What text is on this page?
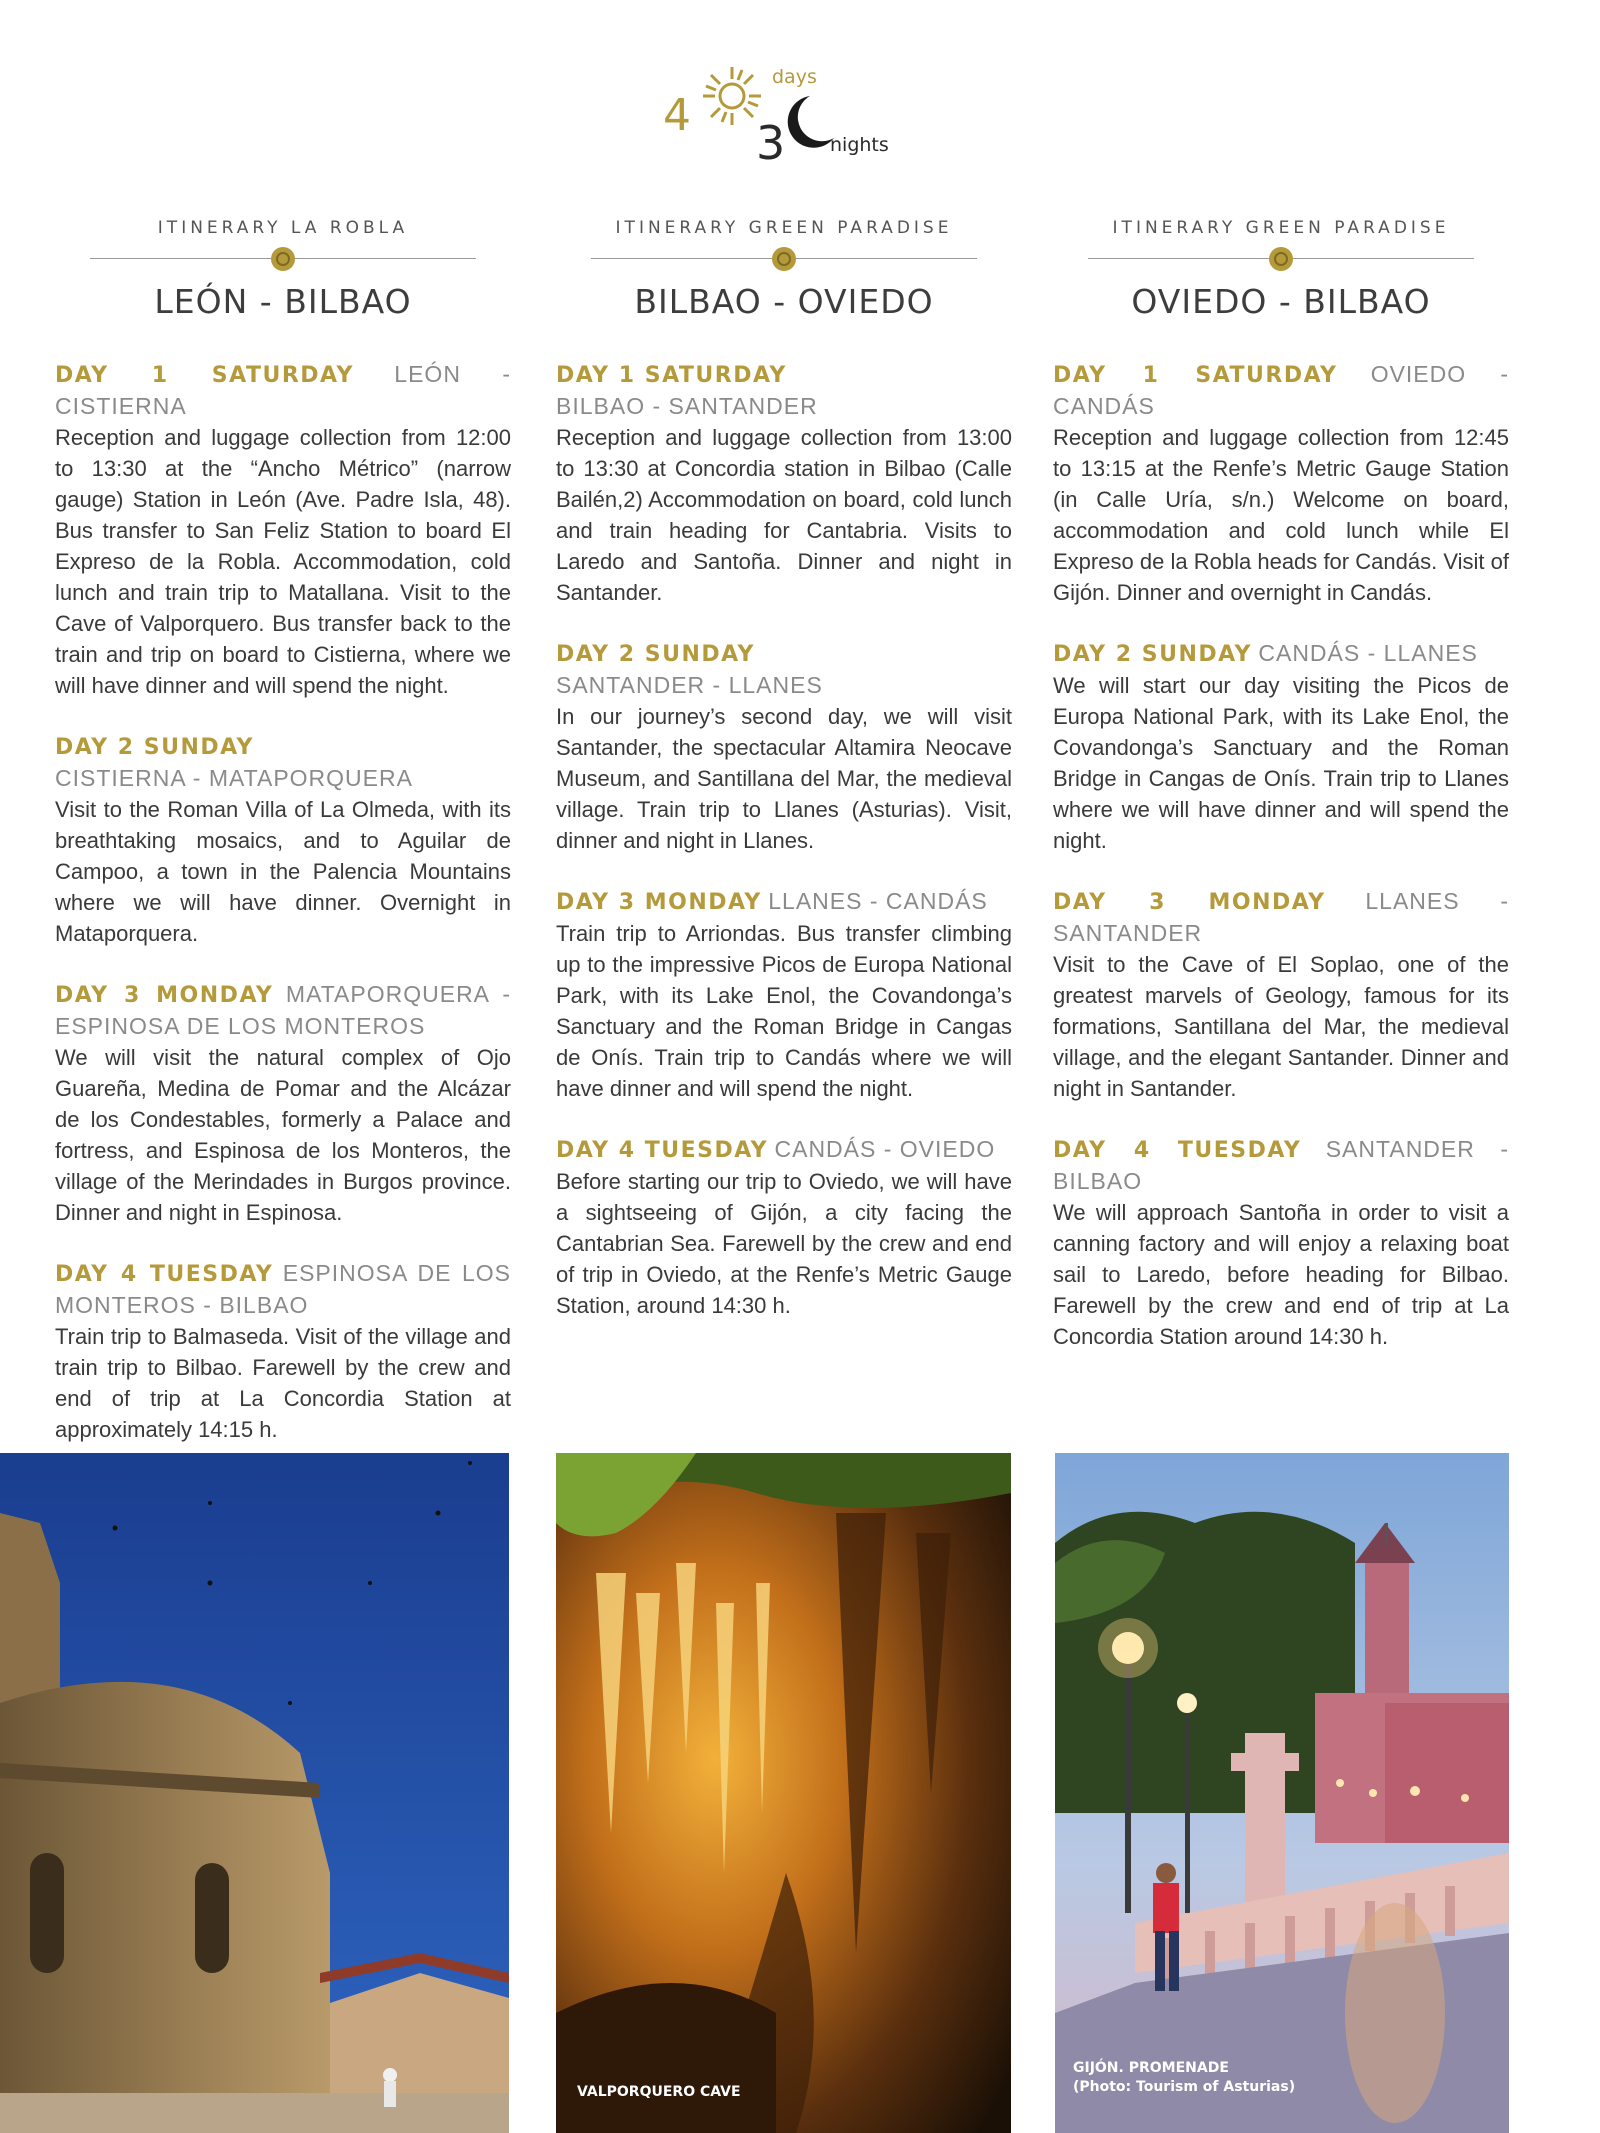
4
days
3 nights
ITINERARY LA ROBLA
LEÓN - BILBAO
DAY 1 SATURDAY LEÓN - CISTIERNA
Reception and luggage collection from 12:00 to 13:30 at the “Ancho Métrico” (narrow gauge) Station in León (Ave. Padre Isla, 48). Bus transfer to San Feliz Station to board El Expreso de la Robla. Accommodation, cold lunch and train trip to Matallana. Visit to the Cave of Valporquero. Bus transfer back to the train and trip on board to Cistierna, where we will have dinner and will spend the night.
DAY 2 SUNDAY
CISTIERNA - MATAPORQUERA
Visit to the Roman Villa of La Olmeda, with its breathtaking mosaics, and to Aguilar de Campoo, a town in the Palencia Mountains where we will have dinner. Overnight in Mataporquera.
DAY 3 MONDAY MATAPORQUERA - ESPINOSA DE LOS MONTEROS
We will visit the natural complex of Ojo Guareña, Medina de Pomar and the Alcázar de los Condestables, formerly a Palace and fortress, and Espinosa de los Monteros, the village of the Merindades in Burgos province. Dinner and night in Espinosa.
DAY 4 TUESDAY ESPINOSA DE LOS MONTEROS - BILBAO
Train trip to Balmaseda. Visit of the village and train trip to Bilbao. Farewell by the crew and end of trip at La Concordia Station at approximately 14:15 h.
ITINERARY GREEN PARADISE
BILBAO - OVIEDO
DAY 1 SATURDAY
BILBAO - SANTANDER
Reception and luggage collection from 13:00 to 13:30 at Concordia station in Bilbao (Calle Bailén,2) Accommodation on board, cold lunch and train heading for Cantabria. Visits to Laredo and Santoña. Dinner and night in Santander.
DAY 2 SUNDAY
SANTANDER - LLANES
In our journey’s second day, we will visit Santander, the spectacular Altamira Neocave Museum, and Santillana del Mar, the medieval village. Train trip to Llanes (Asturias). Visit, dinner and night in Llanes.
DAY 3 MONDAY LLANES - CANDÁS
Train trip to Arriondas. Bus transfer climbing up to the impressive Picos de Europa National Park, with its Lake Enol, the Covandonga’s Sanctuary and the Roman Bridge in Cangas de Onís. Train trip to Candás where we will have dinner and will spend the night.
DAY 4 TUESDAY CANDÁS - OVIEDO
Before starting our trip to Oviedo, we will have a sightseeing of Gijón, a city facing the Cantabrian Sea. Farewell by the crew and end of trip in Oviedo, at the Renfe’s Metric Gauge Station, around 14:30 h.
ITINERARY GREEN PARADISE
OVIEDO - BILBAO
DAY 1 SATURDAY OVIEDO - CANDÁS
Reception and luggage collection from 12:45 to 13:15 at the Renfe’s Metric Gauge Station (in Calle Uría, s/n.) Welcome on board, accommodation and cold lunch while El Expreso de la Robla heads for Candás. Visit of Gijón. Dinner and overnight in Candás.
DAY 2 SUNDAY CANDÁS - LLANES
We will start our day visiting the Picos de Europa National Park, with its Lake Enol, the Covandonga’s Sanctuary and the Roman Bridge in Cangas de Onís. Train trip to Llanes where we will have dinner and will spend the night.
DAY 3 MONDAY LLANES - SANTANDER
Visit to the Cave of El Soplao, one of the greatest marvels of Geology, famous for its formations, Santillana del Mar, the medieval village, and the elegant Santander. Dinner and night in Santander.
DAY 4 TUESDAY SANTANDER - BILBAO
We will approach Santoña in order to visit a canning factory and will enjoy a relaxing boat sail to Laredo, before heading for Bilbao. Farewell by the crew and end of trip at La Concordia Station around 14:30 h.
VALPORQUERO CAVE
GIJÓN. PROMENADE
(Photo: Tourism of Asturias)
